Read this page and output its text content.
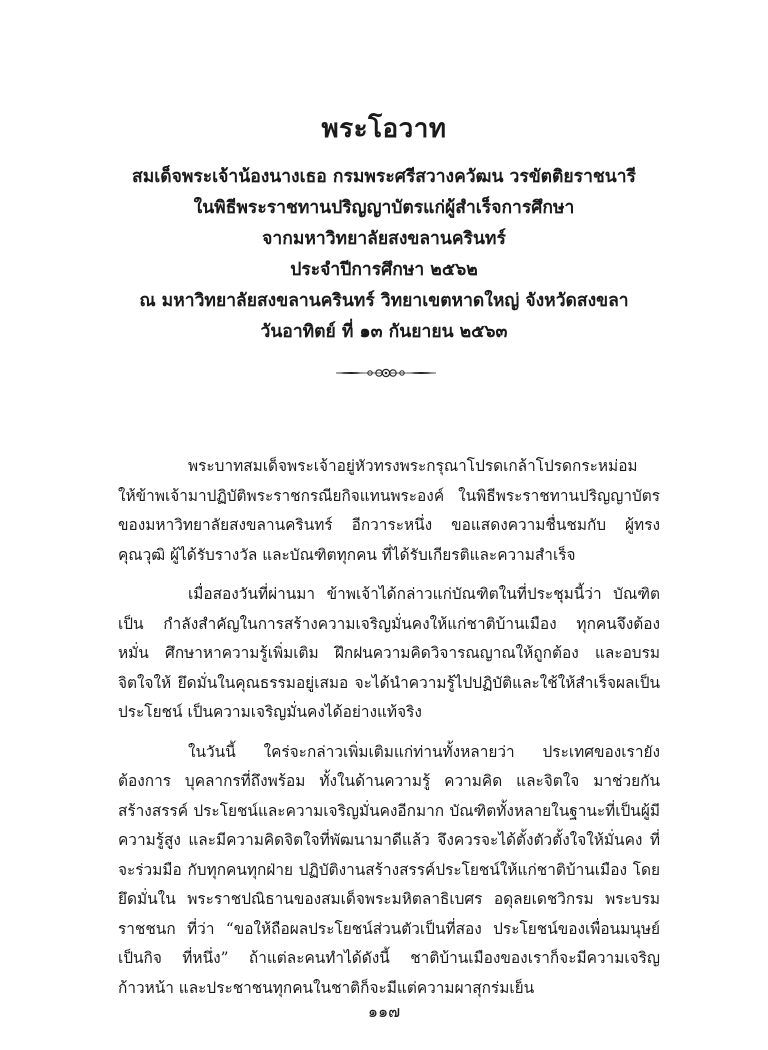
พระโอวาท
สมเด็จพระเจ้าน้องนางเธอ กรมพระศรีสวางควัฒน วรขัตติยราชนารี
ในพิธีพระราชทานปริญญาบัตรแก่ผู้สำเร็จการศึกษา
จากมหาวิทยาลัยสงขลานครินทร์
ประจำปีการศึกษา ๒๕๖๒
ณ มหาวิทยาลัยสงขลานครินทร์ วิทยาเขตหาดใหญ่ จังหวัดสงขลา
วันอาทิตย์ ที่ ๑๓ กันยายน ๒๕๖๓

พระบาทสมเด็จพระเจ้าอยู่หัวทรงพระกรุณาโปรดเกล้าโปรดกระหม่อม ให้ข้าพเจ้ามาปฏิบัติพระราชกรณียกิจแทนพระองค์ ในพิธีพระราชทานปริญญาบัตร ของมหาวิทยาลัยสงขลานครินทร์ อีกวาระหนึ่ง ขอแสดงความชื่นชมกับ ผู้ทรงคุณวุฒิ ผู้ได้รับรางวัล และบัณฑิตทุกคน ที่ได้รับเกียรติและความสำเร็จ

เมื่อสองวันที่ผ่านมา ข้าพเจ้าได้กล่าวแก่บัณฑิตในที่ประชุมนี้ว่า บัณฑิตเป็น กำลังสำคัญในการสร้างความเจริญมั่นคงให้แก่ชาติบ้านเมือง ทุกคนจึงต้องหมั่น ศึกษาหาความรู้เพิ่มเติม ฝึกฝนความคิดวิจารณญาณให้ถูกต้อง และอบรมจิตใจให้ ยึดมั่นในคุณธรรมอยู่เสมอ จะได้นำความรู้ไปปฏิบัติและใช้ให้สำเร็จผลเป็นประโยชน์ เป็นความเจริญมั่นคงได้อย่างแท้จริง

ในวันนี้ ใคร่จะกล่าวเพิ่มเติมแก่ท่านทั้งหลายว่า ประเทศของเรายังต้องการ บุคลากรที่ถึงพร้อม ทั้งในด้านความรู้ ความคิด และจิตใจ มาช่วยกันสร้างสรรค์ ประโยชน์และความเจริญมั่นคงอีกมาก บัณฑิตทั้งหลายในฐานะที่เป็นผู้มีความรู้สูง และมีความคิดจิตใจที่พัฒนามาดีแล้ว จึงควรจะได้ตั้งตัวตั้งใจให้มั่นคง ที่จะร่วมมือ กับทุกคนทุกฝ่าย ปฏิบัติงานสร้างสรรค์ประโยชน์ให้แก่ชาติบ้านเมือง โดยยึดมั่นใน พระราชปณิธานของสมเด็จพระมหิตลาธิเบศร อดุลยเดชวิกรม พระบรมราชชนก ที่ว่า “ขอให้ถือผลประโยชน์ส่วนตัวเป็นที่สอง ประโยชน์ของเพื่อนมนุษย์เป็นกิจ ที่หนึ่ง” ถ้าแต่ละคนทำได้ดังนี้ ชาติบ้านเมืองของเราก็จะมีความเจริญก้าวหน้า และประชาชนทุกคนในชาติก็จะมีแต่ความผาสุกร่มเย็น

๑๑๗
